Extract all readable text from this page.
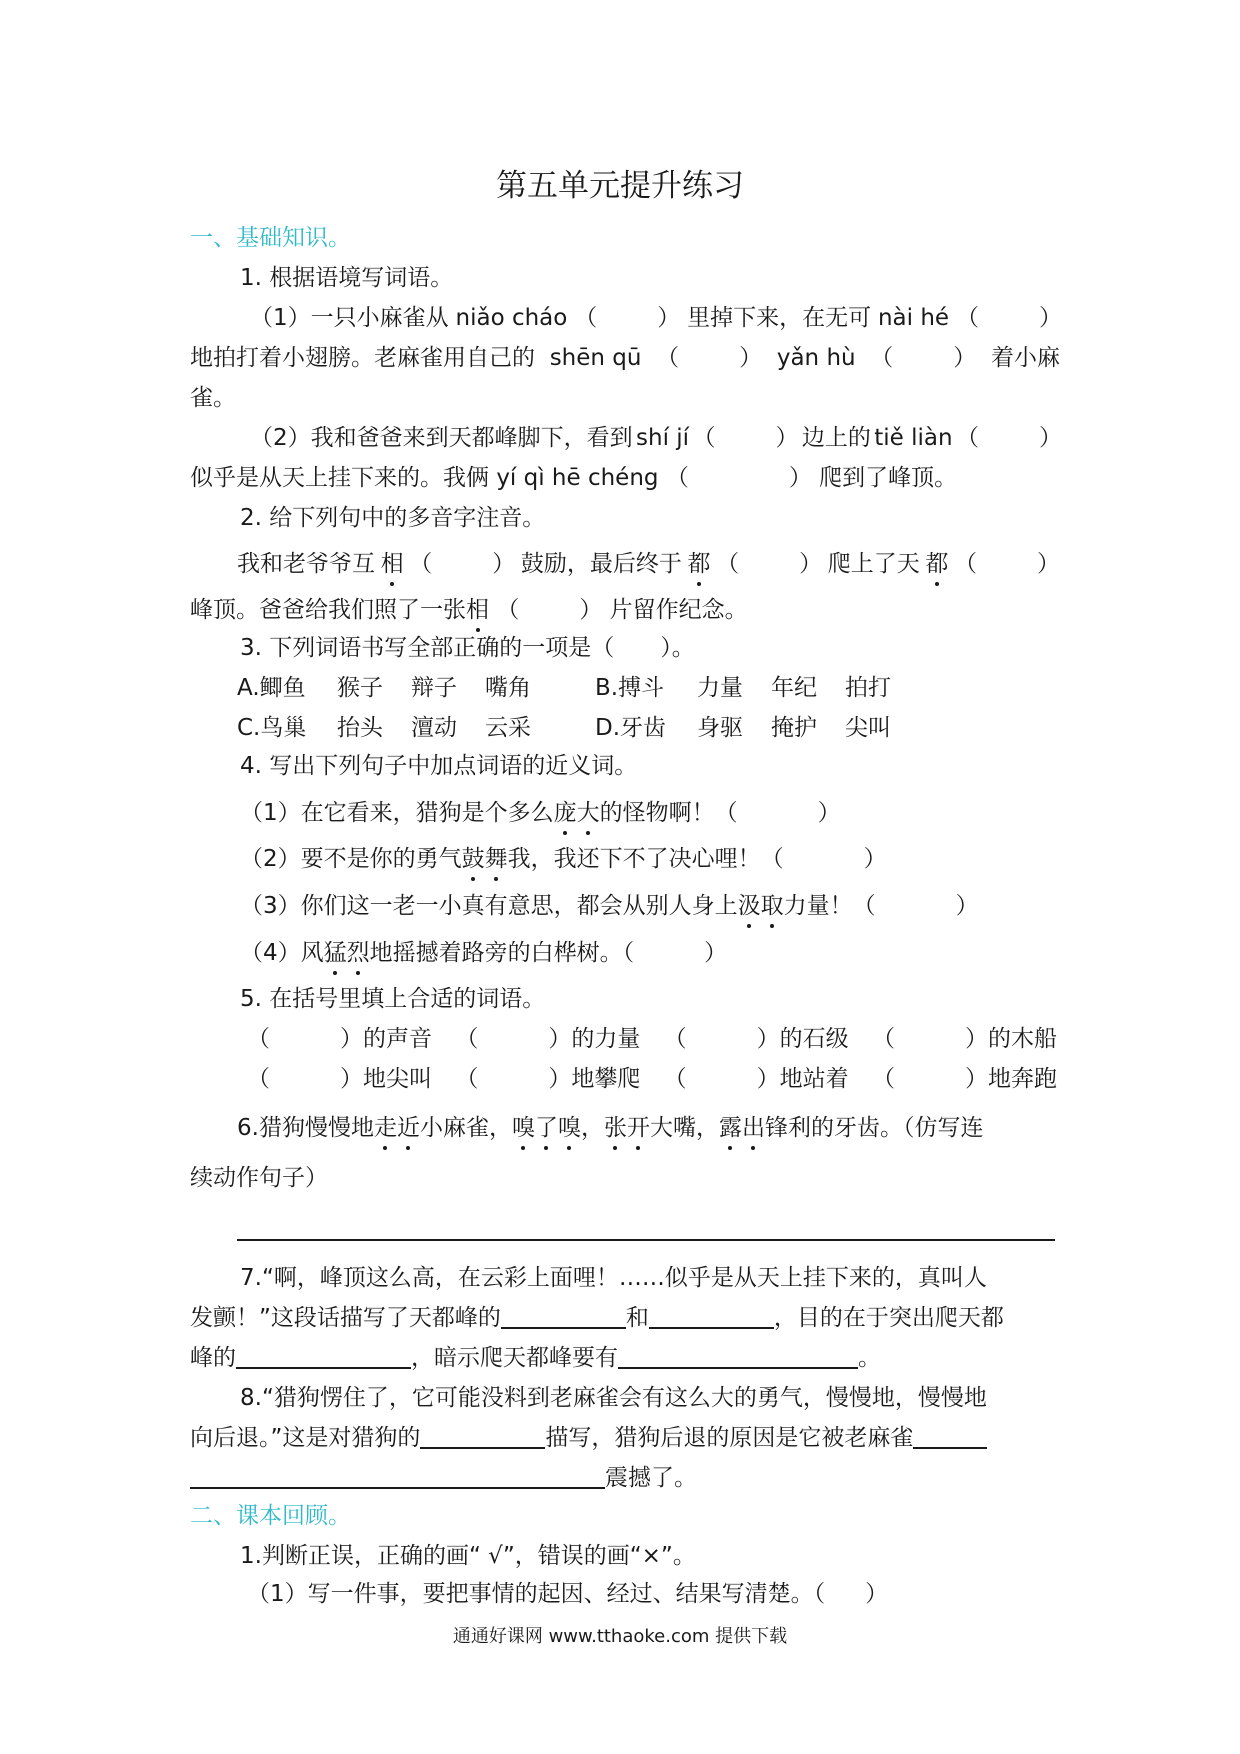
第五单元提升练习
一、基础知识。
1. 根据语境写词语。
（1）一只小麻雀从 niǎo cháo （	） 里掉下来，在无可 nài hé （	）
地拍打着小翅膀。老麻雀用自己的 shēn qū （	） yǎn hù （	） 着小麻
雀。
（2）我和爸爸来到天都峰脚下，看到 shí jí （	） 边上的 tiě liàn （	）
似乎是从天上挂下来的。我俩 yí qì hē chéng （	） 爬到了峰顶。
2. 给下列句中的多音字注音。
我和老爷爷互 相 （	） 鼓励，最后终于 都 （	） 爬上了天 都 （	）
峰顶。爸爸给我们照了一张相 （	） 片留作纪念。
3. 下列词语书写全部正确的一项是（　　）。
A.鲫鱼 猴子 辩子 嘴角	B.搏斗 力量 年纪 拍打
C.鸟巢 抬头 澶动 云采	D.牙齿 身驱 掩护 尖叫
4. 写出下列句子中加点词语的近义词。
（1）在它看来，猎狗是个多么庞大的怪物啊！（	）
（2）要不是你的勇气鼓舞我，我还下不了决心哩！（	）
（3）你们这一老一小真有意思，都会从别人身上汲取力量！（	）
（4）风猛烈地摇撼着路旁的白桦树。（	）
5. 在括号里填上合适的词语。
（	）的声音 （	）的力量 （	）的石级 （	）的木船
（	）地尖叫 （	）地攀爬 （	）地站着 （	）地奔跑
6.猎狗慢慢地走近小麻雀，嗅了嗅，张开大嘴，露出锋利的牙齿。（仿写连
续动作句子）
7.“啊，峰顶这么高，在云彩上面哩！……似乎是从天上挂下来的，真叫人
发颤！”这段话描写了天都峰的	和	，目的在于突出爬天都
峰的	，暗示爬天都峰要有	。
8.“猎狗愣住了，它可能没料到老麻雀会有这么大的勇气，慢慢地，慢慢地
向后退。”这是对猎狗的	描写，猎狗后退的原因是它被老麻雀
震撼了。
二、课本回顾。
1.判断正误，正确的画“ √”，错误的画“×”。
（1）写一件事，要把事情的起因、经过、结果写清楚。（ ）
通通好课网 www.tthaoke.com 提供下载
